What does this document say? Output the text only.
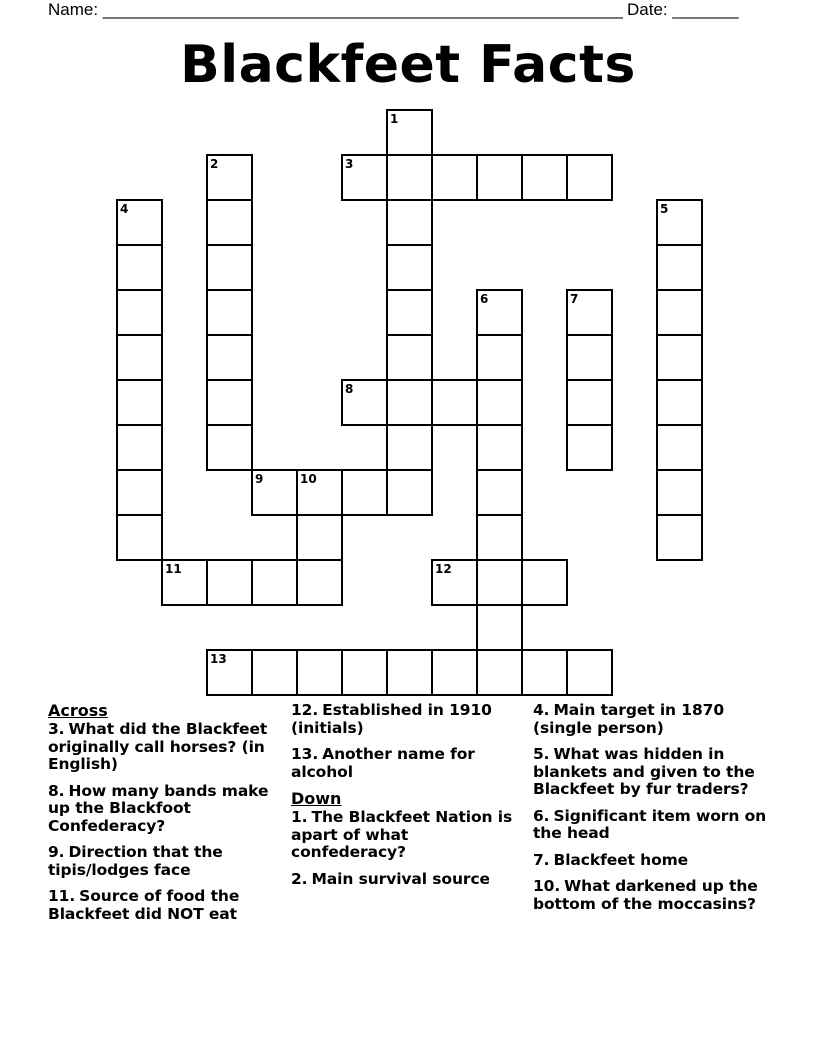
Name: _______________________________________________________ Date: _______
Blackfeet Facts
1
2	3
4	5
6	7
8
9	10
11	12
13
Across
3. What did the Blackfeet originally call horses? (in English)
8. How many bands make up the Blackfoot Confederacy?
9. Direction that the tipis/lodges face
11. Source of food the Blackfeet did NOT eat
12. Established in 1910 (initials)
13. Another name for alcohol
Down
1. The Blackfeet Nation is apart of what confederacy?
2. Main survival source
4. Main target in 1870 (single person)
5. What was hidden in blankets and given to the Blackfeet by fur traders?
6. Significant item worn on the head
7. Blackfeet home
10. What darkened up the bottom of the moccasins?
